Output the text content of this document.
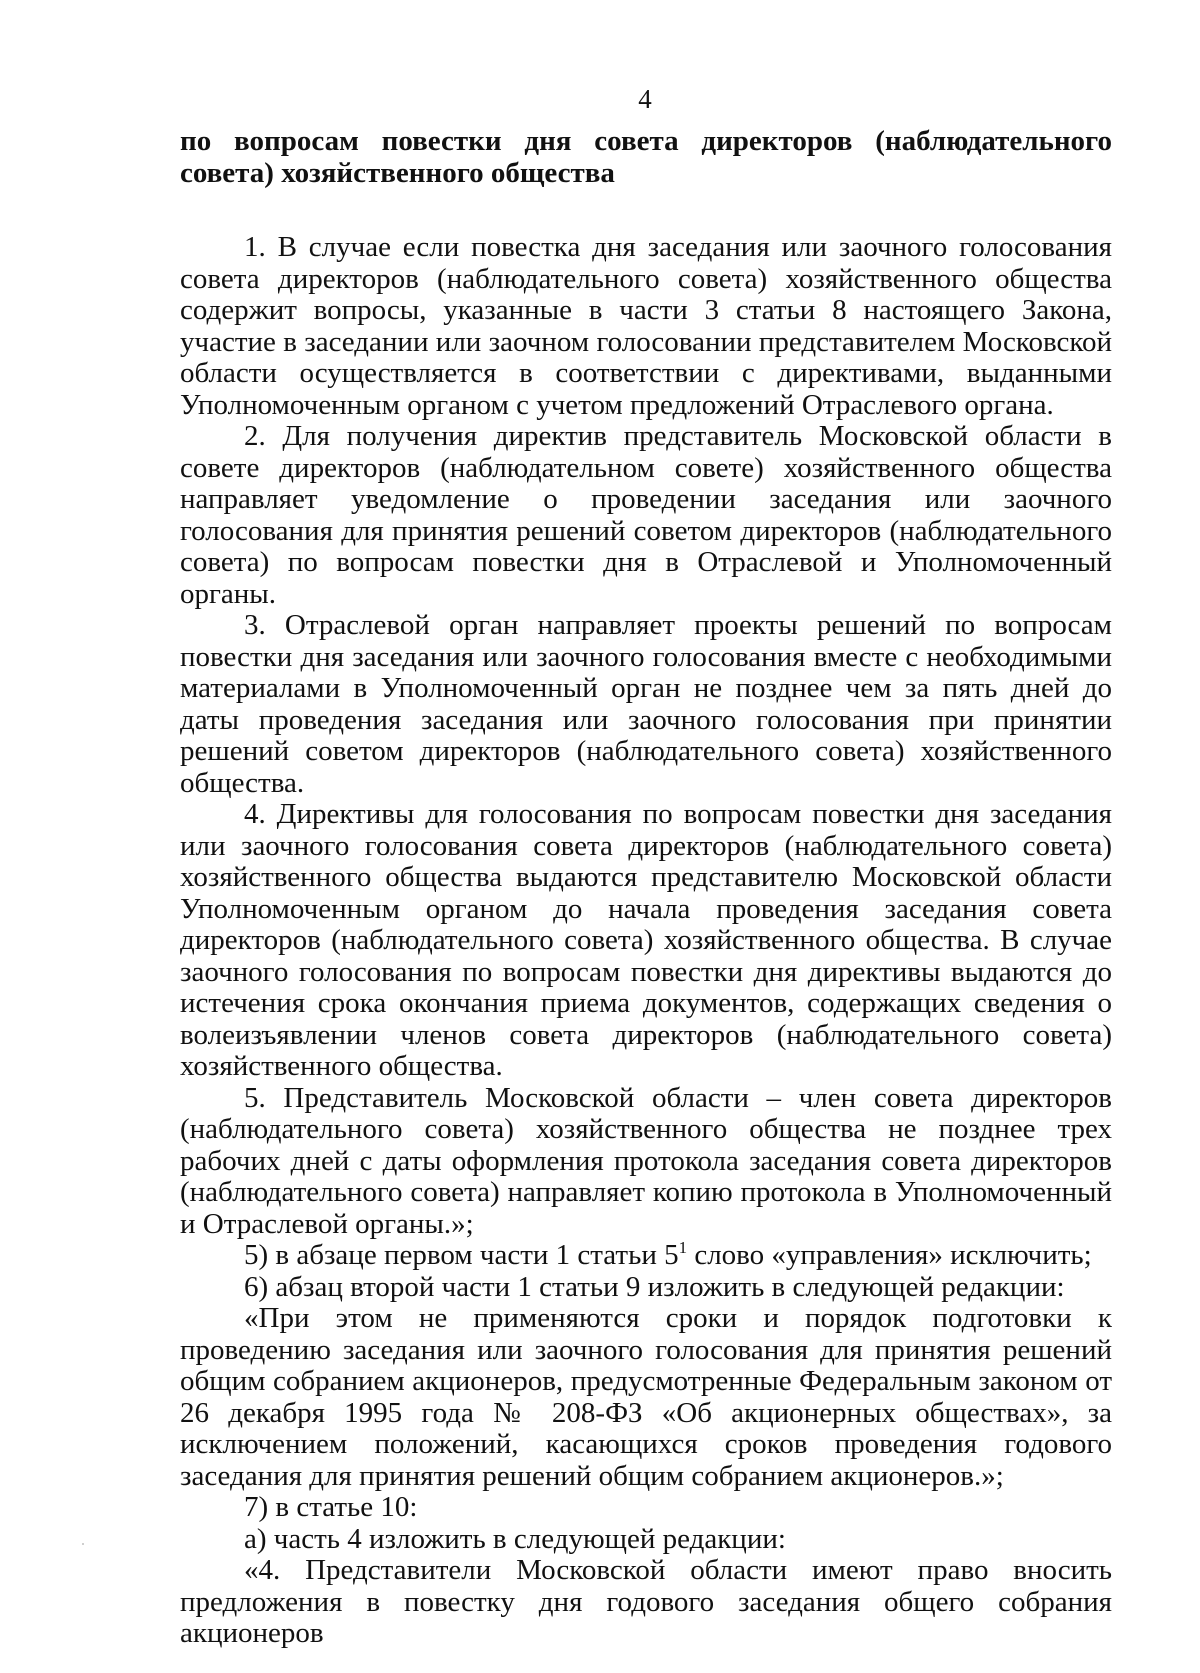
4

по вопросам повестки дня совета директоров (наблюдательного совета) хозяйственного общества

1. В случае если повестка дня заседания или заочного голосования совета директоров (наблюдательного совета) хозяйственного общества содержит вопросы, указанные в части 3 статьи 8 настоящего Закона, участие в заседании или заочном голосовании представителем Московской области осуществляется в соответствии с директивами, выданными Уполномоченным органом с учетом предложений Отраслевого органа.

2. Для получения директив представитель Московской области в совете директоров (наблюдательном совете) хозяйственного общества направляет уведомление о проведении заседания или заочного голосования для принятия решений советом директоров (наблюдательного совета) по вопросам повестки дня в Отраслевой и Уполномоченный органы.

3. Отраслевой орган направляет проекты решений по вопросам повестки дня заседания или заочного голосования вместе с необходимыми материалами в Уполномоченный орган не позднее чем за пять дней до даты проведения заседания или заочного голосования при принятии решений советом директоров (наблюдательного совета) хозяйственного общества.

4. Директивы для голосования по вопросам повестки дня заседания или заочного голосования совета директоров (наблюдательного совета) хозяйственного общества выдаются представителю Московской области Уполномоченным органом до начала проведения заседания совета директоров (наблюдательного совета) хозяйственного общества. В случае заочного голосования по вопросам повестки дня директивы выдаются до истечения срока окончания приема документов, содержащих сведения о волеизъявлении членов совета директоров (наблюдательного совета) хозяйственного общества.

5. Представитель Московской области – член совета директоров (наблюдательного совета) хозяйственного общества не позднее трех рабочих дней с даты оформления протокола заседания совета директоров (наблюдательного совета) направляет копию протокола в Уполномоченный и Отраслевой органы.»;

5) в абзаце первом части 1 статьи $5^1$ слово «управления» исключить;

6) абзац второй части 1 статьи 9 изложить в следующей редакции:

«При этом не применяются сроки и порядок подготовки к проведению заседания или заочного голосования для принятия решений общим собранием акционеров, предусмотренные Федеральным законом от 26 декабря 1995 года № 208-ФЗ «Об акционерных обществах», за исключением положений, касающихся сроков проведения годового заседания для принятия решений общим собранием акционеров.»;

7) в статье 10:

а) часть 4 изложить в следующей редакции:

«4. Представители Московской области имеют право вносить предложения в повестку дня годового заседания общего собрания акционеров
